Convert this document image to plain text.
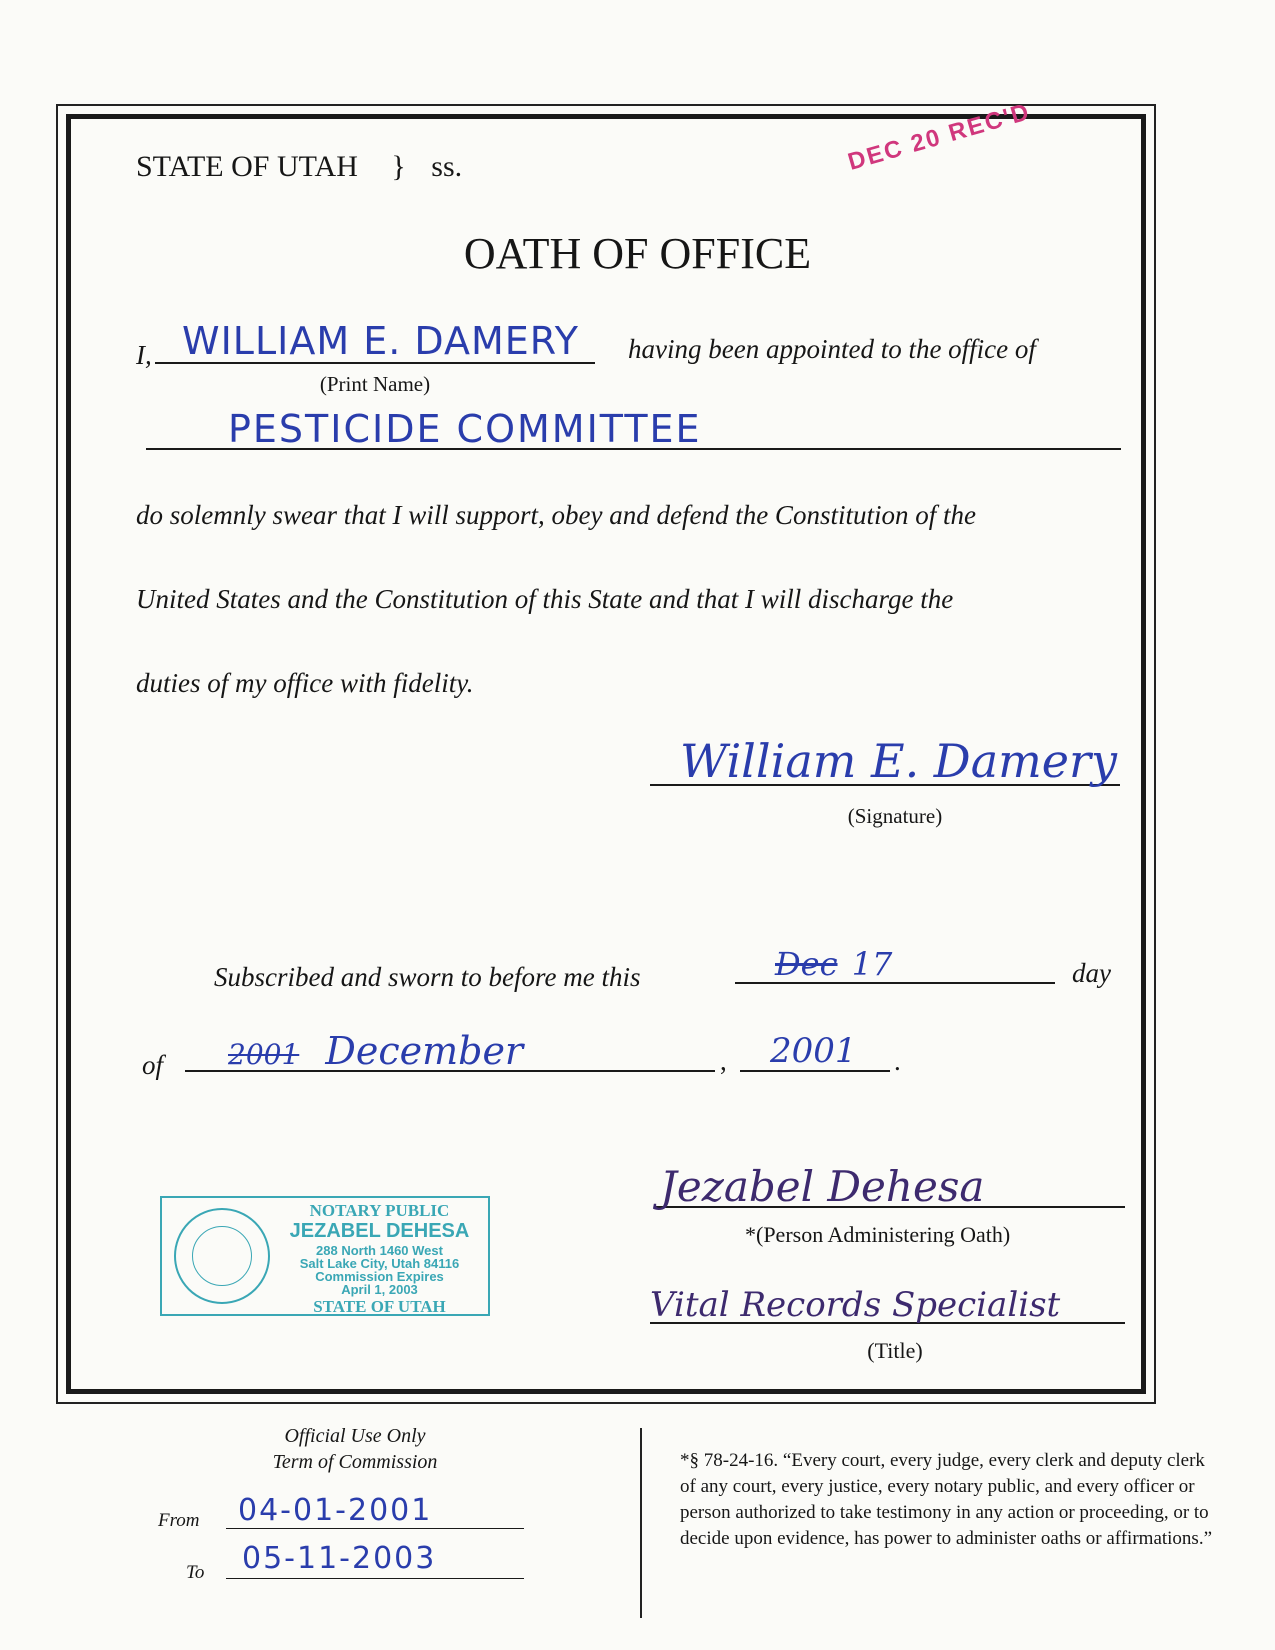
STATE OF UTAH } ss.	DEC 20 REC'D
OATH OF OFFICE
I, WILLIAM E. DAMERY
(Print Name)
having been appointed to the office of
PESTICIDE COMMITTEE
do solemnly swear that I will support, obey and defend the Constitution of the
United States and the Constitution of this State and that I will discharge the
duties of my office with fidelity.
William E. Damery
(Signature)
Subscribed and sworn to before me this	Dec 17	day
of 2001 December	, 2001 .
NOTARY PUBLIC
JEZABEL DEHESA
288 North 1460 West
Salt Lake City, Utah 84116
Commission Expires
April 1, 2003
STATE OF UTAH
Jezabel Dehesa
*(Person Administering Oath)
Vital Records Specialist
(Title)
Official Use Only
Term of Commission
From 04-01-2001
To 05-11-2003
*§ 78-24-16. “Every court, every judge, every clerk and deputy clerk of any court, every justice, every notary public, and every officer or person authorized to take testimony in any action or proceeding, or to decide upon evidence, has power to administer oaths or affirmations.”
